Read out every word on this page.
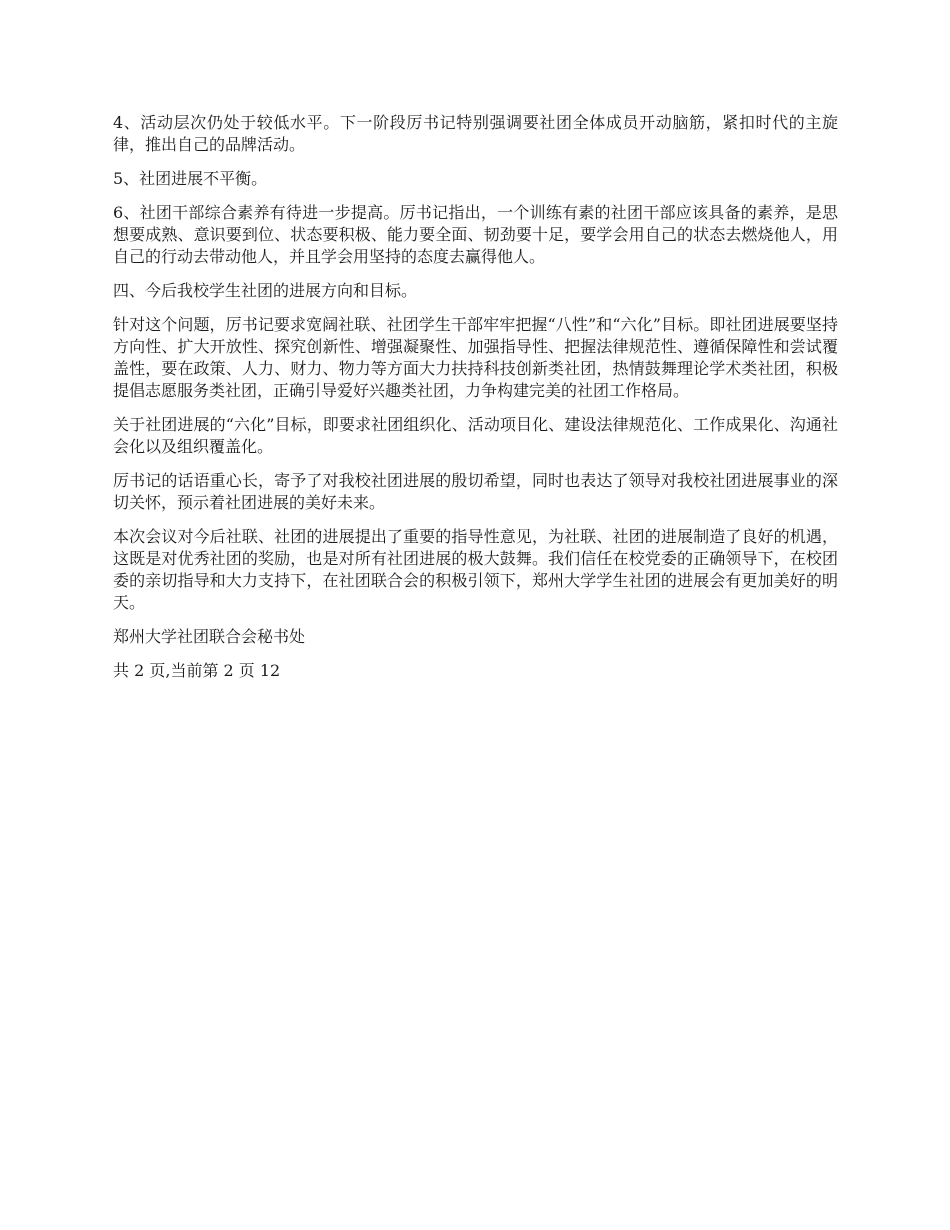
4、活动层次仍处于较低水平。下一阶段厉书记特别强调要社团全体成员开动脑筋，紧扣时代的主旋律，推出自己的品牌活动。

5、社团进展不平衡。

6、社团干部综合素养有待进一步提高。厉书记指出，一个训练有素的社团干部应该具备的素养，是思想要成熟、意识要到位、状态要积极、能力要全面、韧劲要十足，要学会用自己的状态去燃烧他人，用自己的行动去带动他人，并且学会用坚持的态度去赢得他人。

四、今后我校学生社团的进展方向和目标。

针对这个问题，厉书记要求宽阔社联、社团学生干部牢牢把握“八性”和“六化”目标。即社团进展要坚持方向性、扩大开放性、探究创新性、增强凝聚性、加强指导性、把握法律规范性、遵循保障性和尝试覆盖性，要在政策、人力、财力、物力等方面大力扶持科技创新类社团，热情鼓舞理论学术类社团，积极提倡志愿服务类社团，正确引导爱好兴趣类社团，力争构建完美的社团工作格局。

关于社团进展的“六化”目标，即要求社团组织化、活动项目化、建设法律规范化、工作成果化、沟通社会化以及组织覆盖化。

厉书记的话语重心长，寄予了对我校社团进展的殷切希望，同时也表达了领导对我校社团进展事业的深切关怀，预示着社团进展的美好未来。

本次会议对今后社联、社团的进展提出了重要的指导性意见，为社联、社团的进展制造了良好的机遇，这既是对优秀社团的奖励，也是对所有社团进展的极大鼓舞。我们信任在校党委的正确领导下，在校团委的亲切指导和大力支持下，在社团联合会的积极引领下，郑州大学学生社团的进展会有更加美好的明天。

郑州大学社团联合会秘书处

共 2 页,当前第 2 页 12
